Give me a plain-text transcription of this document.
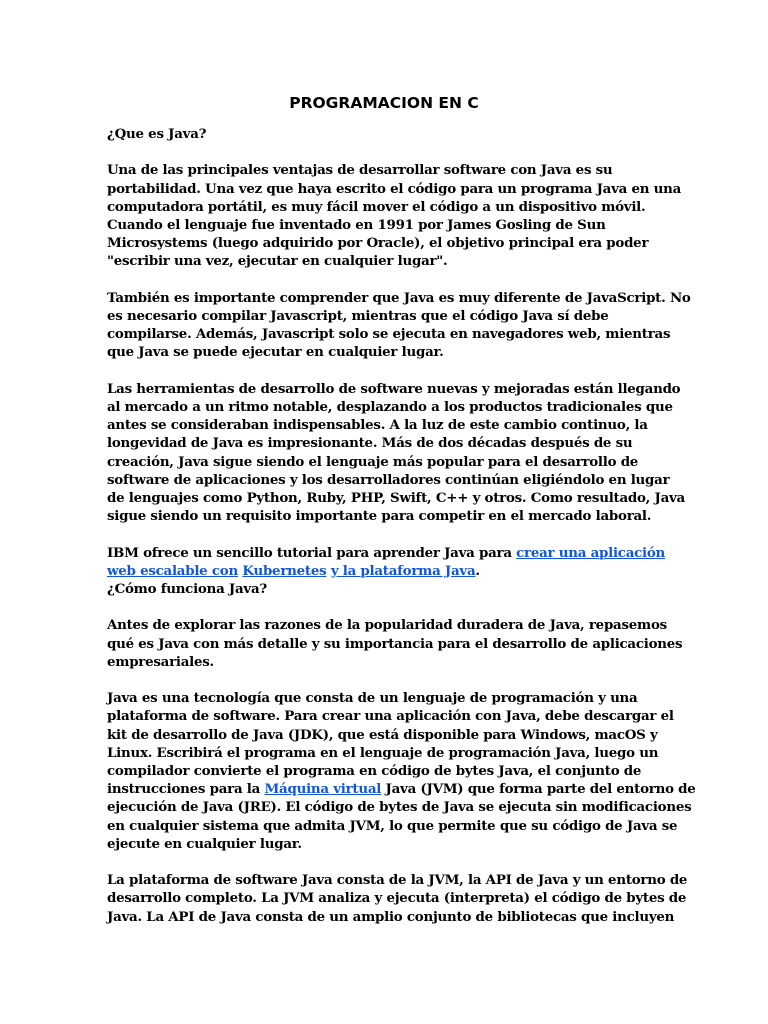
PROGRAMACION EN C

¿Que es Java?

Una de las principales ventajas de desarrollar software con Java es su
portabilidad. Una vez que haya escrito el código para un programa Java en una
computadora portátil, es muy fácil mover el código a un dispositivo móvil.
Cuando el lenguaje fue inventado en 1991 por James Gosling de Sun
Microsystems (luego adquirido por Oracle), el objetivo principal era poder
"escribir una vez, ejecutar en cualquier lugar".

También es importante comprender que Java es muy diferente de JavaScript. No
es necesario compilar Javascript, mientras que el código Java sí debe
compilarse. Además, Javascript solo se ejecuta en navegadores web, mientras
que Java se puede ejecutar en cualquier lugar.

Las herramientas de desarrollo de software nuevas y mejoradas están llegando
al mercado a un ritmo notable, desplazando a los productos tradicionales que
antes se consideraban indispensables. A la luz de este cambio continuo, la
longevidad de Java es impresionante. Más de dos décadas después de su
creación, Java sigue siendo el lenguaje más popular para el desarrollo de
software de aplicaciones y los desarrolladores continúan eligiéndolo en lugar
de lenguajes como Python, Ruby, PHP, Swift, C++ y otros. Como resultado, Java
sigue siendo un requisito importante para competir en el mercado laboral.

IBM ofrece un sencillo tutorial para aprender Java para crear una aplicación
web escalable con Kubernetes y la plataforma Java.

¿Cómo funciona Java?

Antes de explorar las razones de la popularidad duradera de Java, repasemos
qué es Java con más detalle y su importancia para el desarrollo de aplicaciones
empresariales.

Java es una tecnología que consta de un lenguaje de programación y una
plataforma de software. Para crear una aplicación con Java, debe descargar el
kit de desarrollo de Java (JDK), que está disponible para Windows, macOS y
Linux. Escribirá el programa en el lenguaje de programación Java, luego un
compilador convierte el programa en código de bytes Java, el conjunto de
instrucciones para la Máquina virtual Java (JVM) que forma parte del entorno de
ejecución de Java (JRE). El código de bytes de Java se ejecuta sin modificaciones
en cualquier sistema que admita JVM, lo que permite que su código de Java se
ejecute en cualquier lugar.

La plataforma de software Java consta de la JVM, la API de Java y un entorno de
desarrollo completo. La JVM analiza y ejecuta (interpreta) el código de bytes de
Java. La API de Java consta de un amplio conjunto de bibliotecas que incluyen
